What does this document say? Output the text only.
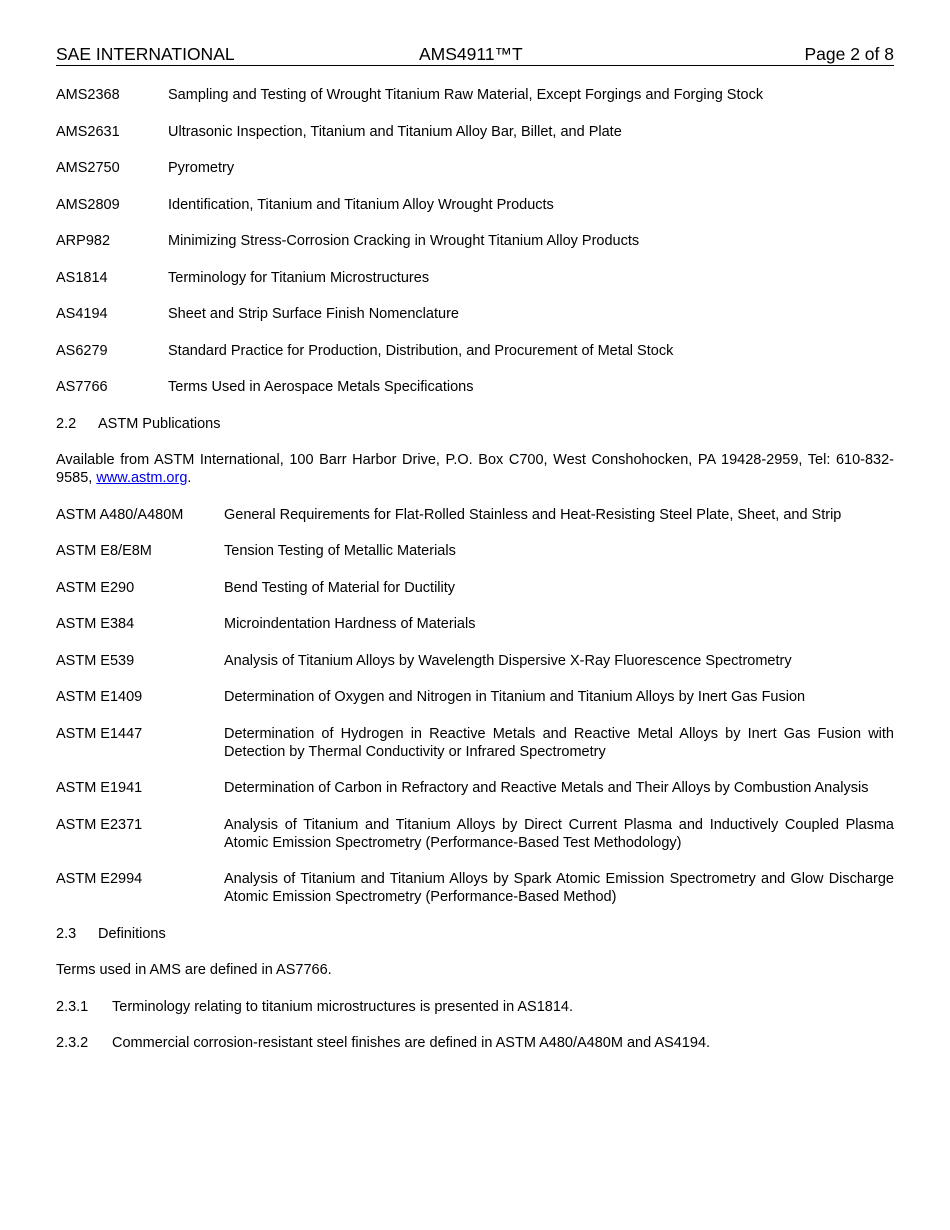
SAE INTERNATIONAL	AMS4911™T	Page 2 of 8
AMS2368	Sampling and Testing of Wrought Titanium Raw Material, Except Forgings and Forging Stock
AMS2631	Ultrasonic Inspection, Titanium and Titanium Alloy Bar, Billet, and Plate
AMS2750	Pyrometry
AMS2809	Identification, Titanium and Titanium Alloy Wrought Products
ARP982	Minimizing Stress-Corrosion Cracking in Wrought Titanium Alloy Products
AS1814	Terminology for Titanium Microstructures
AS4194	Sheet and Strip Surface Finish Nomenclature
AS6279	Standard Practice for Production, Distribution, and Procurement of Metal Stock
AS7766	Terms Used in Aerospace Metals Specifications
2.2	ASTM Publications
Available from ASTM International, 100 Barr Harbor Drive, P.O. Box C700, West Conshohocken, PA 19428-2959, Tel: 610-832-9585, www.astm.org.
ASTM A480/A480M	General Requirements for Flat-Rolled Stainless and Heat-Resisting Steel Plate, Sheet, and Strip
ASTM E8/E8M	Tension Testing of Metallic Materials
ASTM E290	Bend Testing of Material for Ductility
ASTM E384	Microindentation Hardness of Materials
ASTM E539	Analysis of Titanium Alloys by Wavelength Dispersive X-Ray Fluorescence Spectrometry
ASTM E1409	Determination of Oxygen and Nitrogen in Titanium and Titanium Alloys by Inert Gas Fusion
ASTM E1447	Determination of Hydrogen in Reactive Metals and Reactive Metal Alloys by Inert Gas Fusion with Detection by Thermal Conductivity or Infrared Spectrometry
ASTM E1941	Determination of Carbon in Refractory and Reactive Metals and Their Alloys by Combustion Analysis
ASTM E2371	Analysis of Titanium and Titanium Alloys by Direct Current Plasma and Inductively Coupled Plasma Atomic Emission Spectrometry (Performance-Based Test Methodology)
ASTM E2994	Analysis of Titanium and Titanium Alloys by Spark Atomic Emission Spectrometry and Glow Discharge Atomic Emission Spectrometry (Performance-Based Method)
2.3	Definitions
Terms used in AMS are defined in AS7766.
2.3.1	Terminology relating to titanium microstructures is presented in AS1814.
2.3.2	Commercial corrosion-resistant steel finishes are defined in ASTM A480/A480M and AS4194.
